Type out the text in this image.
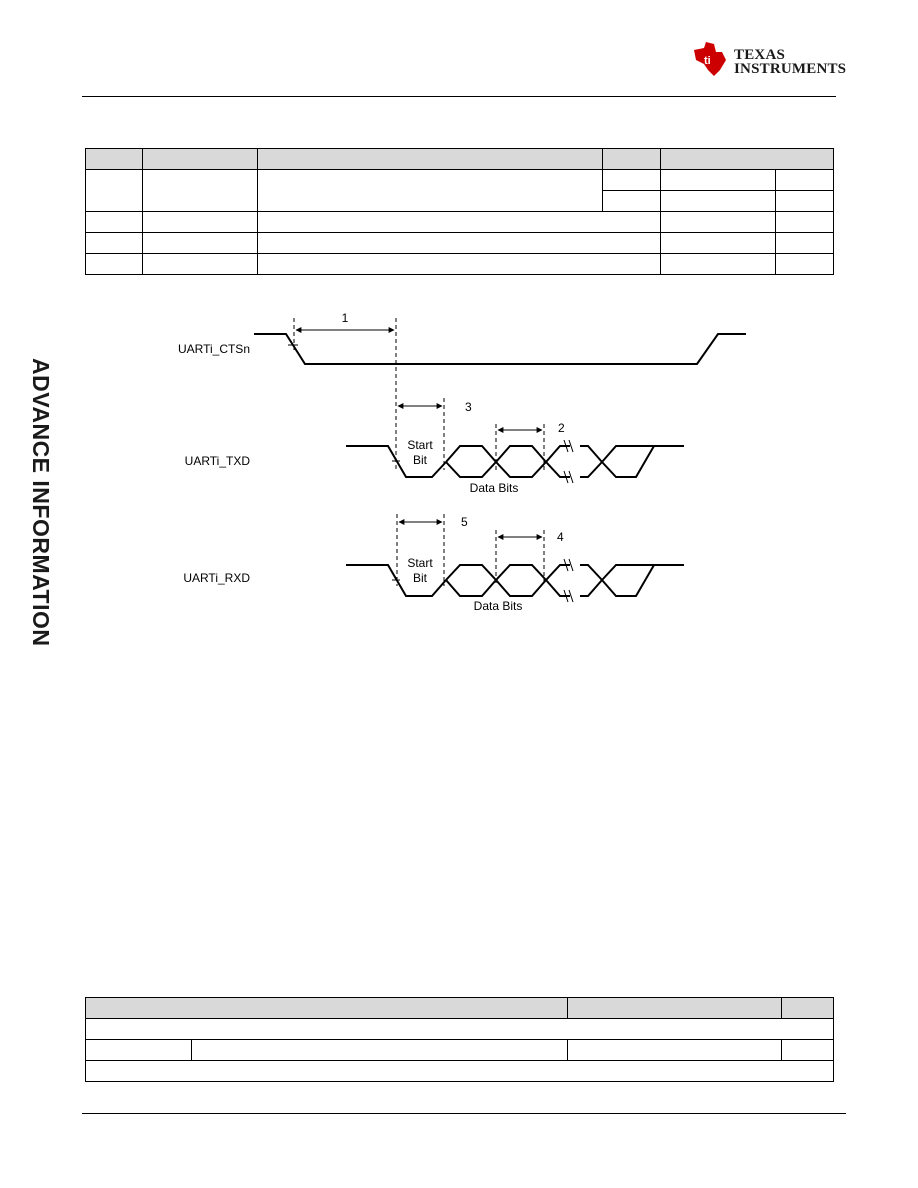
ti TEXAS
INSTRUMENTS
ADVANCE INFORMATION

UARTi_CTSn
UARTi_TXD
UARTi_RXD
1
3
2
Start
Bit
Data Bits
5
4
Start
Bit
Data Bits
